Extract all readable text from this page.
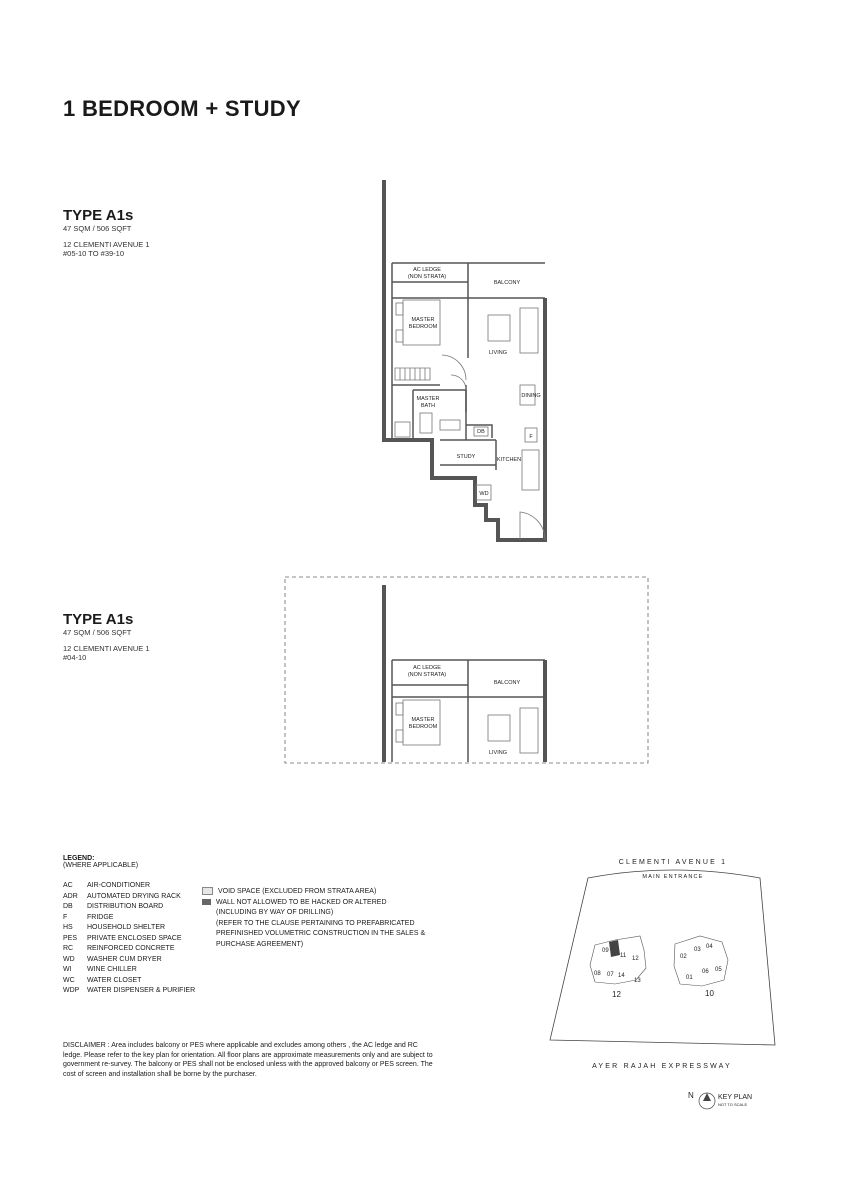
1 BEDROOM + STUDY
TYPE A1s
47 SQM / 506 SQFT
12 CLEMENTI AVENUE 1
#05-10 TO #39-10
AC LEDGE
(NON STRATA)
BALCONY
MASTER
BEDROOM
LIVING
DINING
MASTER
BATH
DB
F
STUDY	KITCHEN
WD
TYPE A1s
47 SQM / 506 SQFT
12 CLEMENTI AVENUE 1
#04-10
AC LEDGE
(NON STRATA)
BALCONY
MASTER
BEDROOM
LIVING
LEGEND:
(WHERE APPLICABLE)
AC	AIR-CONDITIONER
ADR	AUTOMATED DRYING RACK
DB	DISTRIBUTION BOARD
F	FRIDGE
HS	HOUSEHOLD SHELTER
PES	PRIVATE ENCLOSED SPACE
RC	REINFORCED CONCRETE
WD	WASHER CUM DRYER
WI	WINE CHILLER
WC	WATER CLOSET
WDP	WATER DISPENSER & PURIFIER
VOID SPACE (EXCLUDED FROM STRATA AREA)
WALL NOT ALLOWED TO BE HACKED OR ALTERED
(INCLUDING BY WAY OF DRILLING)
(REFER TO THE CLAUSE PERTAINING TO PREFABRICATED
PREFINISHED VOLUMETRIC CONSTRUCTION IN THE SALES &
PURCHASE AGREEMENT)
DISCLAIMER : Area includes balcony or PES where applicable and excludes among others , the AC ledge and RC ledge. Please refer to the key plan for orientation. All floor plans are approximate measurements only and are subject to government re-survey. The balcony or PES shall not be enclosed unless with the approved balcony or PES screen. The cost of screen and installation shall be borne by the purchaser.
CLEMENTI AVENUE 1
MAIN ENTRANCE
09
11 12
08 07 14
13
02
03 04
01
06 05
12	10
AYER RAJAH EXPRESSWAY
N	KEY PLAN
NOT TO SCALE
